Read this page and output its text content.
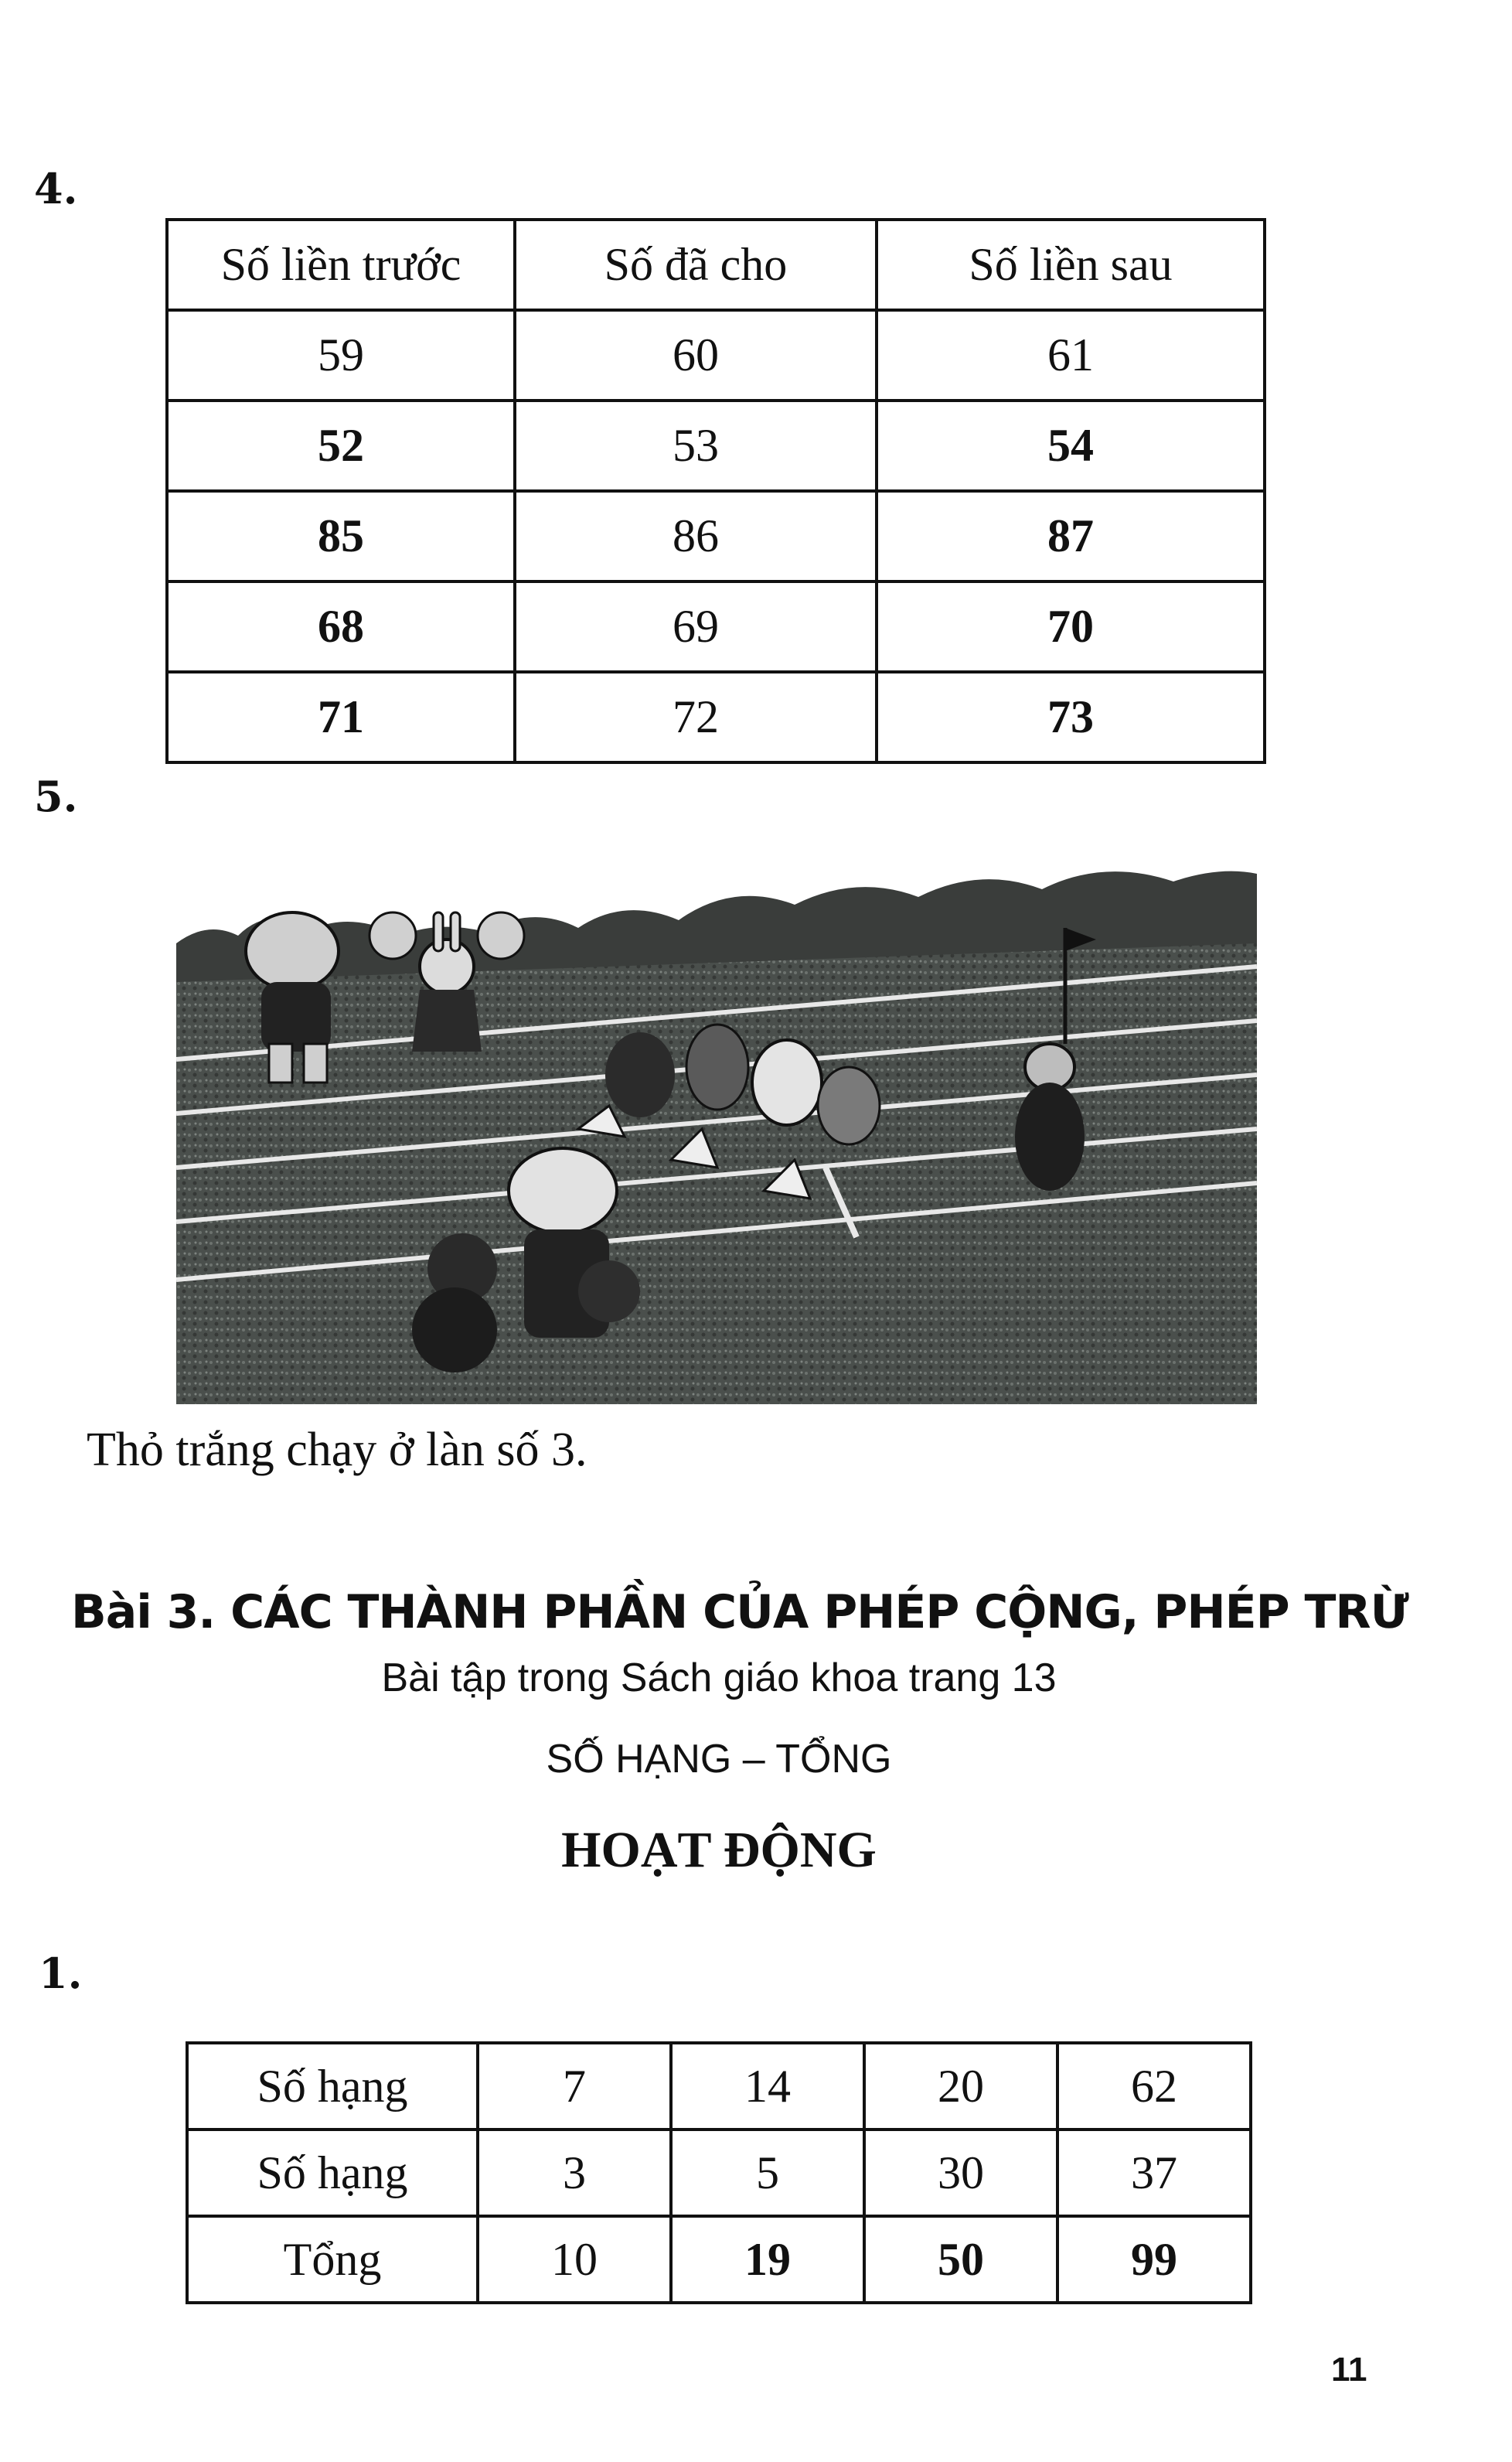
4.
Số liền trước	Số đã cho	Số liền sau
59	60	61
52	53	54
85	86	87
68	69	70
71	72	73
5.
Thỏ trắng chạy ở làn số 3.
Bài 3. CÁC THÀNH PHẦN CỦA PHÉP CỘNG, PHÉP TRỪ
Bài tập trong Sách giáo khoa trang 13
SỐ HẠNG – TỔNG
HOẠT ĐỘNG
1.
Số hạng	7	14	20	62
Số hạng	3	5	30	37
Tổng	10	19	50	99
11
